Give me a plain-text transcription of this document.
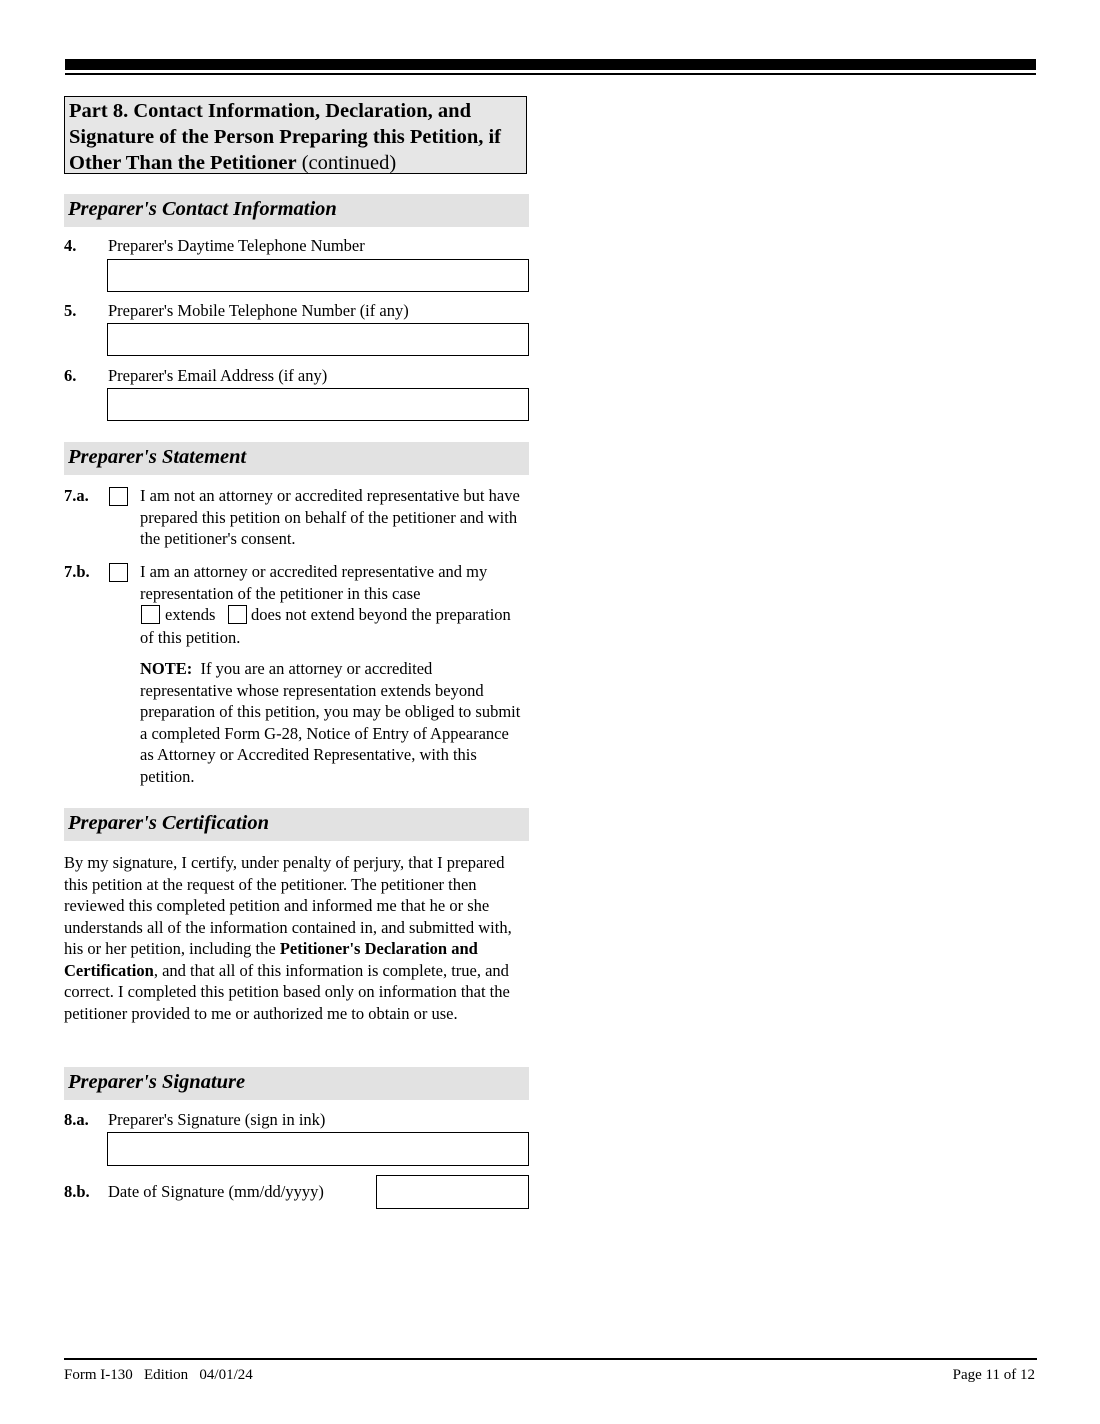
Part 8. Contact Information, Declaration, and Signature of the Person Preparing this Petition, if Other Than the Petitioner (continued)
Preparer's Contact Information
4. Preparer's Daytime Telephone Number
5. Preparer's Mobile Telephone Number (if any)
6. Preparer's Email Address (if any)
Preparer's Statement
7.a.	I am not an attorney or accredited representative but have prepared this petition on behalf of the petitioner and with the petitioner's consent.
7.b.	I am an attorney or accredited representative and my representation of the petitioner in this case
extends does not extend beyond the preparation
of this petition.
NOTE: If you are an attorney or accredited representative whose representation extends beyond preparation of this petition, you may be obliged to submit a completed Form G-28, Notice of Entry of Appearance as Attorney or Accredited Representative, with this petition.
Preparer's Certification
By my signature, I certify, under penalty of perjury, that I prepared this petition at the request of the petitioner. The petitioner then reviewed this completed petition and informed me that he or she understands all of the information contained in, and submitted with, his or her petition, including the Petitioner's Declaration and Certification, and that all of this information is complete, true, and correct. I completed this petition based only on information that the petitioner provided to me or authorized me to obtain or use.
Preparer's Signature
8.a. Preparer's Signature (sign in ink)
8.b. Date of Signature (mm/dd/yyyy)
Form I-130   Edition   04/01/24	Page 11 of 12
